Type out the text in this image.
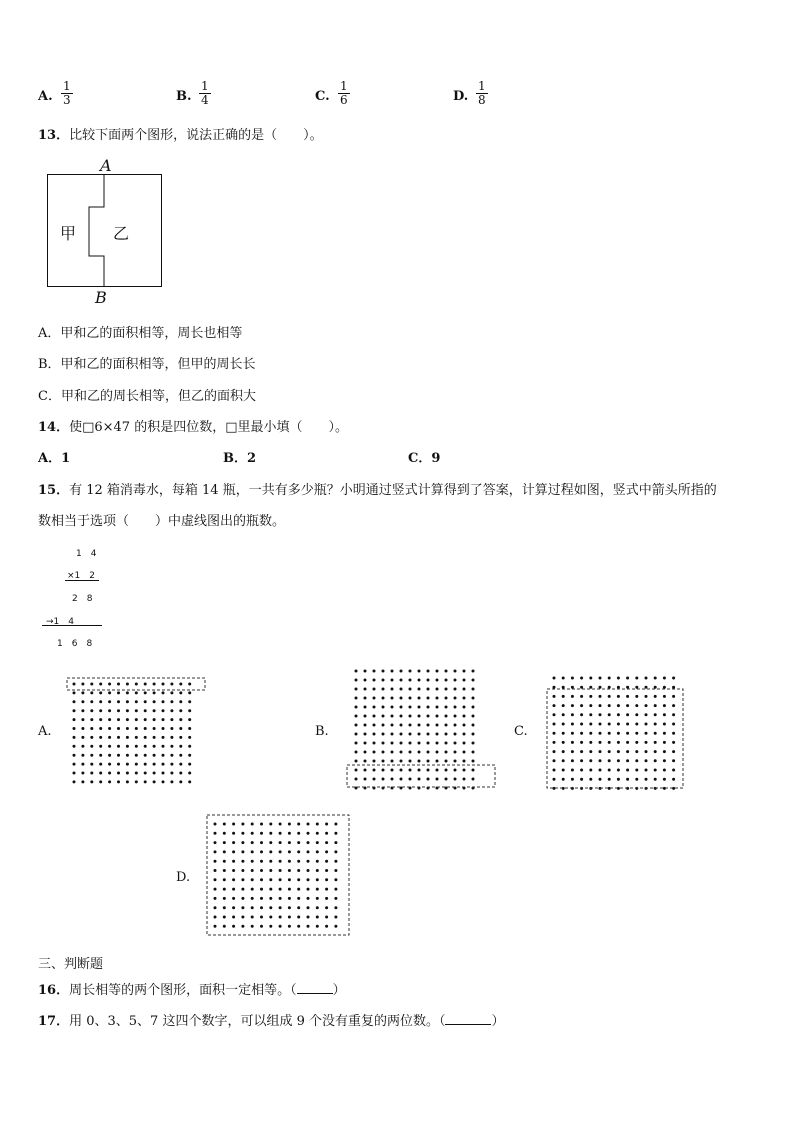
A.
1
3	B.
1
4	C.
1
6	D.
1
8
13．比较下面两个图形，说法正确的是（　　）。
A
甲 乙
B
A．甲和乙的面积相等，周长也相等
B．甲和乙的面积相等，但甲的周长长
C．甲和乙的周长相等，但乙的面积大
14．使□6×47 的积是四位数，□里最小填（　　）。
A．1	B．2	C．9
15．有 12 箱消毒水，每箱 14 瓶，一共有多少瓶？小明通过竖式计算得到了答案，计算过程如图，竖式中箭头所指的
数相当于选项（　　）中虚线图出的瓶数。
1　4
×1　2
2　8
→1　4
1　6　8
A.	B.	C.
D.
三、判断题
16．周长相等的两个图形，面积一定相等。（	）
17．用 0、3、5、7 这四个数字，可以组成 9 个没有重复的两位数。（	）
